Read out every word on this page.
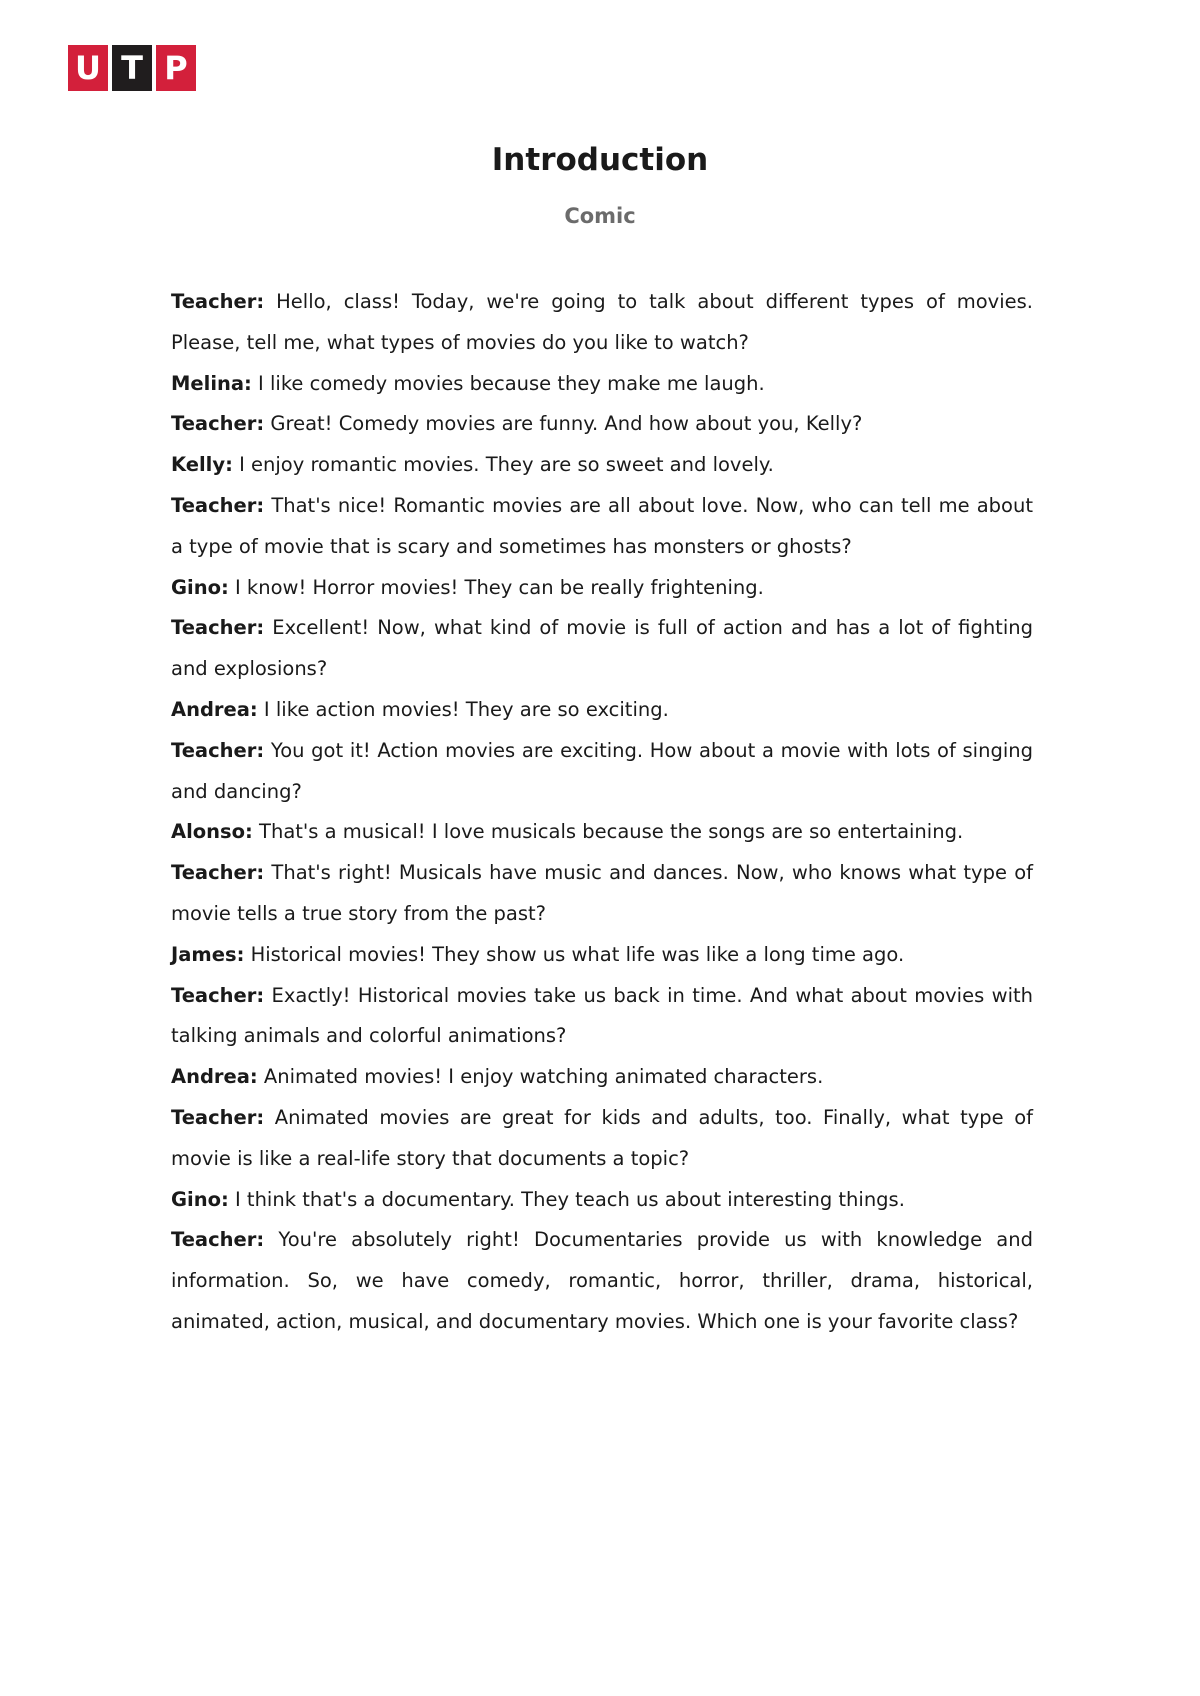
U T P
Introduction
Comic

Teacher: Hello, class! Today, we're going to talk about different types of movies. Please, tell me, what types of movies do you like to watch?

Melina: I like comedy movies because they make me laugh.

Teacher: Great! Comedy movies are funny. And how about you, Kelly?

Kelly: I enjoy romantic movies. They are so sweet and lovely.

Teacher: That's nice! Romantic movies are all about love. Now, who can tell me about a type of movie that is scary and sometimes has monsters or ghosts?

Gino: I know! Horror movies! They can be really frightening.

Teacher: Excellent! Now, what kind of movie is full of action and has a lot of fighting and explosions?

Andrea: I like action movies! They are so exciting.

Teacher: You got it! Action movies are exciting. How about a movie with lots of singing and dancing?

Alonso: That's a musical! I love musicals because the songs are so entertaining.

Teacher: That's right! Musicals have music and dances. Now, who knows what type of movie tells a true story from the past?

James: Historical movies! They show us what life was like a long time ago.

Teacher: Exactly! Historical movies take us back in time. And what about movies with talking animals and colorful animations?

Andrea: Animated movies! I enjoy watching animated characters.

Teacher: Animated movies are great for kids and adults, too. Finally, what type of movie is like a real-life story that documents a topic?

Gino: I think that's a documentary. They teach us about interesting things.

Teacher: You're absolutely right! Documentaries provide us with knowledge and information. So, we have comedy, romantic, horror, thriller, drama, historical, animated, action, musical, and documentary movies. Which one is your favorite class?
